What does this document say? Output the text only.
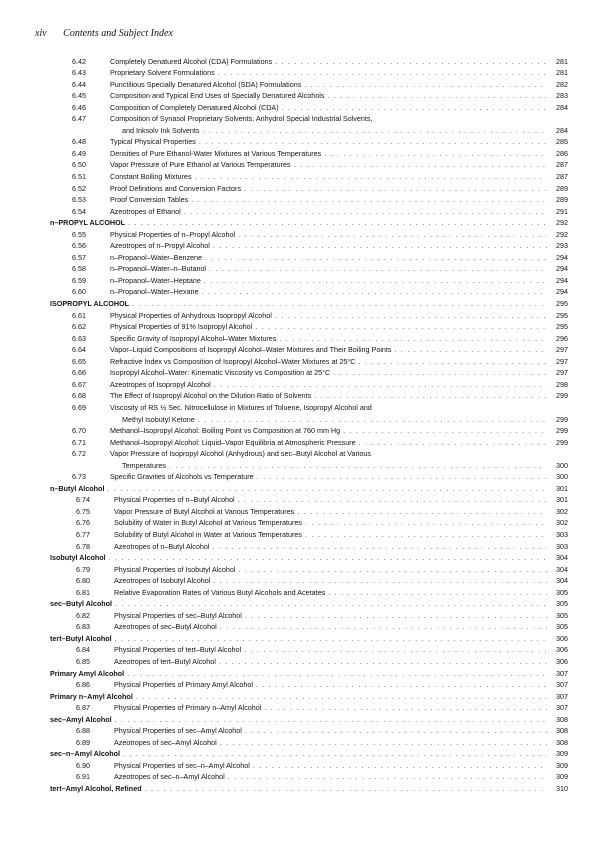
xiv Contents and Subject Index
6.42	Completely Denatured Alcohol (CDA) Formulations . . .	281
6.43	Proprietary Solvent Formulations . . .	281
6.44	Punctilious Specially Denatured Alcohol (SDA) Formulations . . .	282
6.45	Composition and Typical End Uses of Specially Denatured Alcohols . . .	283
6.46	Composition of Completely Denatured Alcohol (CDA) . . .	284
6.47	Composition of Synasol Proprietary Solvents, Anhydrol Special Industrial Solvents,
and Inksolv Ink Solvents . . .	284
6.48	Typical Physical Properties . . .	285
6.49	Densities of Pure Ethanol-Water Mixtures at Various Temperatures . . .	286
6.50	Vapor Pressure of Pure Ethanol at Various Temperatures . . .	287
6.51	Constant Boiling Mixtures . . .	287
6.52	Proof Definitions and Conversion Factors . . .	289
6.53	Proof Conversion Tables . . .	289
6.54	Azeotropes of Ethanol . . .	291
n–PROPYL ALCOHOL . . .	292
6.55	Physical Properties of n–Propyl Alcohol . . .	292
6.56	Azeotropes of n–Propyl Alcohol . . .	293
6.57	n–Propanol–Water–Benzene . . .	294
6.58	n–Propanol–Water–n–Butanol . . .	294
6.59	n–Propanol–Water–Heptane . . .	294
6.60	n–Propanol–Water–Hexane . . .	294
ISOPROPYL ALCOHOL . . .	295
6.61	Physical Properties of Anhydrous Isopropyl Alcohol . . .	295
6.62	Physical Properties of 91% Isopropyl Alcohol . . .	295
6.63	Specific Gravity of Isopropyl Alcohol–Water Mixtures . . .	296
6.64	Vapor–Liquid Compositions of Isopropyl Alcohol–Water Mixtures and Their Boiling Points . . .	297
6.65	Refractive Index vs Composition of Isopropyl Alcohol–Water Mixtures at 25°C . . .	297
6.66	Isopropyl Alcohol–Water: Kinematic Viscosity vs Composition at 25°C . . .	297
6.67	Azeotropes of Isopropyl Alcohol . . .	298
6.68	The Effect of Isopropyl Alcohol on the Dilution Ratio of Solvents . . .	299
6.69	Viscosity of RS ½ Sec. Nitrocellulose in Mixtures of Toluene, Isopropyl Alcohol and
Methyl Isobutyl Ketone . . .	299
6.70	Methanol–Isopropyl Alcohol: Boiling Point vs Composition at 760 mm Hg . . .	299
6.71	Methanol–Isopropyl Alcohol: Liquid–Vapor Equilibria at Atmospheric Pressure . . .	299
6.72	Vapor Pressure of Isopropyl Alcohol (Anhydrous) and sec–Butyl Alcohol at Various
Temperatures . . .	300
6.73	Specific Gravities of Alcohols vs Temperature . . .	300
n–Butyl Alcohol . . .	301
6.74	Physical Properties of n–Butyl Alcohol . . .	301
6.75	Vapor Pressure of Butyl Alcohol at Various Temperatures . . .	302
6.76	Solubility of Water in Butyl Alcohol at Various Temperatures . . .	302
6.77	Solubility of Butyl Alcohol in Water at Various Temperatures . . .	303
6.78	Azeotropes of n–Butyl Alcohol . . .	303
Isobutyl Alcohol . . .	304
6.79	Physical Properties of Isobutyl Alcohol . . .	304
6.80	Azeotropes of Isobutyl Alcohol . . .	304
6.81	Relative Evaporation Rates of Various Butyl Alcohols and Acetates . . .	305
sec–Butyl Alcohol . . .	305
6.82	Physical Properties of sec–Butyl Alcohol . . .	305
6.83	Azeotropes of sec–Butyl Alcohol . . .	305
tert–Butyl Alcohol . . .	306
6.84	Physical Properties of tert–Butyl Alcohol . . .	306
6.85	Azeotropes of tert–Butyl Alcohol . . .	306
Primary Amyl Alcohol . . .	307
6.86	Physical Properties of Primary Amyl Alcohol . . .	307
Primary n–Amyl Alcohol . . .	307
6.87	Physical Properties of Primary n–Amyl Alcohol . . .	307
sec–Amyl Alcohol . . .	308
6.88	Physical Properties of sec–Amyl Alcohol . . .	308
6.89	Azeotropes of sec–Amyl Alcohol . . .	308
sec–n–Amyl Alcohol . . .	309
6.90	Physical Properties of sec–n–Amyl Alcohol . . .	309
6.91	Azeotropes of sec–n–Amyl Alcohol . . .	309
tert–Amyl Alcohol, Refined . . .	310
